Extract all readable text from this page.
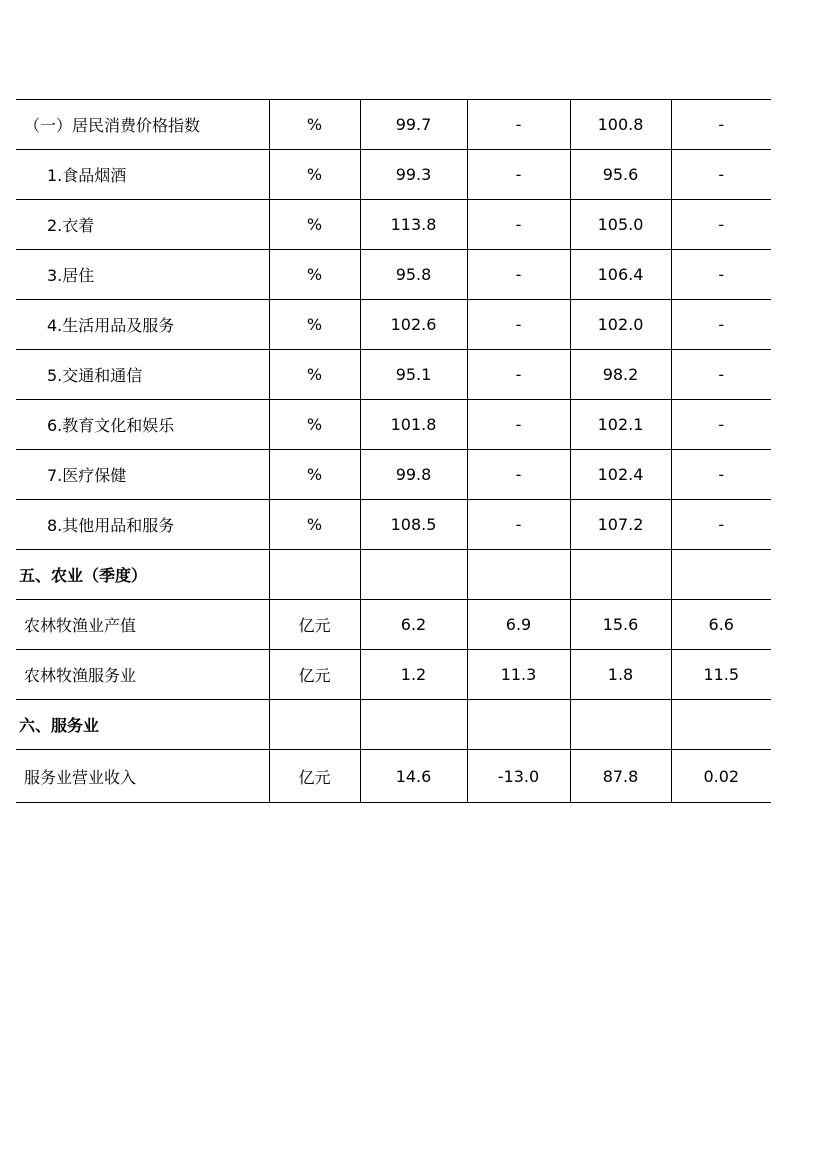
（一）居民消费价格指数	%	99.7	-	100.8	-
1.食品烟酒	%	99.3	-	95.6	-
2.衣着	%	113.8	-	105.0	-
3.居住	%	95.8	-	106.4	-
4.生活用品及服务	%	102.6	-	102.0	-
5.交通和通信	%	95.1	-	98.2	-
6.教育文化和娱乐	%	101.8	-	102.1	-
7.医疗保健	%	99.8	-	102.4	-
8.其他用品和服务	%	108.5	-	107.2	-
五、农业（季度）					
农林牧渔业产值	亿元	6.2	6.9	15.6	6.6
农林牧渔服务业	亿元	1.2	11.3	1.8	11.5
六、服务业					
服务业营业收入	亿元	14.6	-13.0	87.8	0.02
